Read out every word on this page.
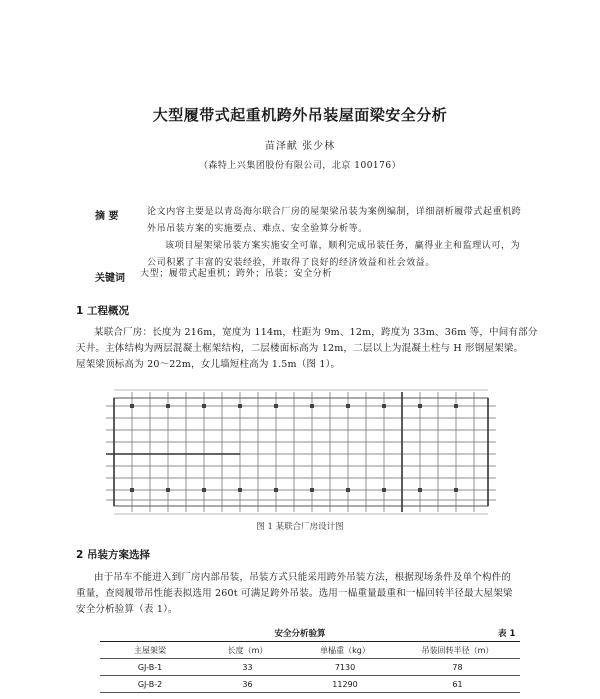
大型履带式起重机跨外吊装屋面梁安全分析
苗泽献 张少林
（森特上兴集团股份有限公司，北京 100176）
摘 要	论文内容主要是以青岛海尔联合厂房的屋架梁吊装为案例编制，详细剖析履带式起重机跨
外吊吊装方案的实施要点、难点、安全验算分析等。
该项目屋架梁吊装方案实施安全可靠，顺利完成吊装任务，赢得业主和监理认可，为
公司积累了丰富的安装经验，并取得了良好的经济效益和社会效益。
关键词 大型；履带式起重机；跨外；吊装；安全分析
1 工程概况
某联合厂房：长度为 216m，宽度为 114m，柱距为 9m、12m，跨度为 33m、36m 等，中间有部分
天井。主体结构为两层混凝土框架结构，二层楼面标高为 12m，二层以上为混凝土柱与 H 形钢屋架梁。
屋架梁顶标高为 20～22m，女儿墙短柱高为 1.5m（图 1）。
图 1 某联合厂房设计图
2 吊装方案选择
由于吊车不能进入到厂房内部吊装，吊装方式只能采用跨外吊装方法，根据现场条件及单个构件的
重量，查阅履带吊性能表拟选用 260t 可满足跨外吊装。选用一榀重量最重和一榀回转半径最大屋架梁
安全分析验算（表 1）。
安全分析验算	表 1
主屋架梁	长度（m）	单榀重（kg）	吊装回转半径（m）
GJ-B-1	33	7130	78
GJ-B-2	36	11290	61
